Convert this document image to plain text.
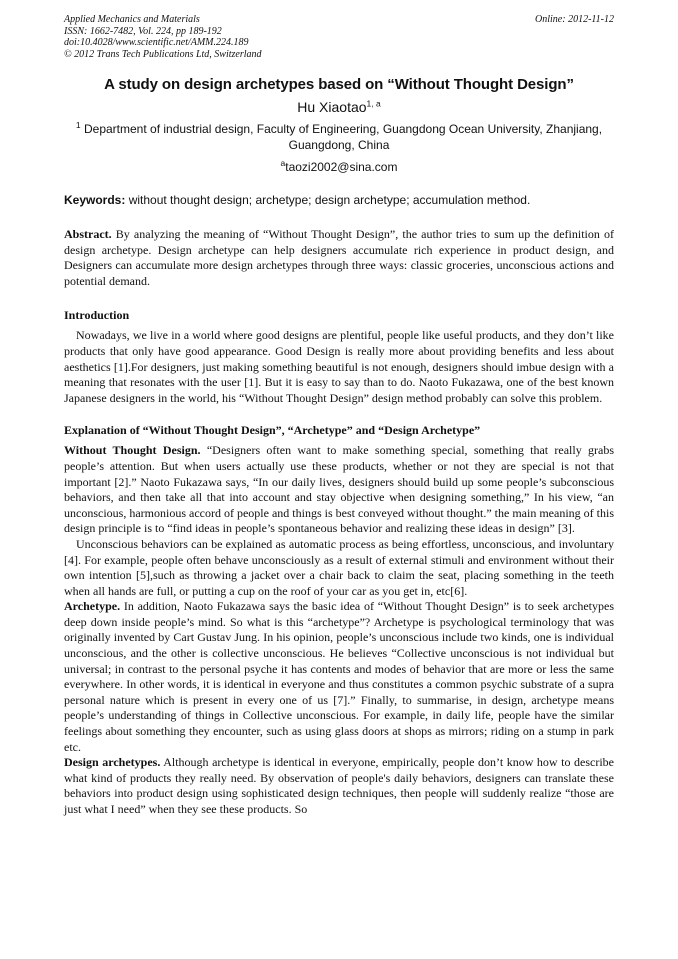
Applied Mechanics and Materials
ISSN: 1662-7482, Vol. 224, pp 189-192
doi:10.4028/www.scientific.net/AMM.224.189
© 2012 Trans Tech Publications Ltd, Switzerland
Online: 2012-11-12
A study on design archetypes based on “Without Thought Design”
Hu Xiaotao$^{1, a}$
$^1$ Department of industrial design, Faculty of Engineering, Guangdong Ocean University, Zhanjiang, Guangdong, China
$^a$taozi2002@sina.com
Keywords: without thought design; archetype; design archetype; accumulation method.

Abstract. By analyzing the meaning of “Without Thought Design”, the author tries to sum up the definition of design archetype. Design archetype can help designers accumulate rich experience in product design, and Designers can accumulate more design archetypes through three ways: classic groceries, unconscious actions and potential demand.

Introduction

Nowadays, we live in a world where good designs are plentiful, people like useful products, and they don’t like products that only have good appearance. Good Design is really more about providing benefits and less about aesthetics [1].For designers, just making something beautiful is not enough, designers should imbue design with a meaning that resonates with the user [1]. But it is easy to say than to do. Naoto Fukazawa, one of the best known Japanese designers in the world, his “Without Thought Design” design method probably can solve this problem.

Explanation of “Without Thought Design”, “Archetype” and “Design Archetype”

Without Thought Design. “Designers often want to make something special, something that really grabs people’s attention. But when users actually use these products, whether or not they are special is not that important [2].” Naoto Fukazawa says, “In our daily lives, designers should build up some people’s subconscious behaviors, and then take all that into account and stay objective when designing something,” In his view, “an unconscious, harmonious accord of people and things is best conveyed without thought.” the main meaning of this design principle is to “find ideas in people’s spontaneous behavior and realizing these ideas in design” [3].

Unconscious behaviors can be explained as automatic process as being effortless, unconscious, and involuntary [4]. For example, people often behave unconsciously as a result of external stimuli and environment without their own intention [5],such as throwing a jacket over a chair back to claim the seat, placing something in the teeth when all hands are full, or putting a cup on the roof of your car as you get in, etc[6].

Archetype. In addition, Naoto Fukazawa says the basic idea of “Without Thought Design” is to seek archetypes deep down inside people’s mind. So what is this “archetype”? Archetype is psychological terminology that was originally invented by Cart Gustav Jung. In his opinion, people’s unconscious include two kinds, one is individual unconscious, and the other is collective unconscious. He believes “Collective unconscious is not individual but universal; in contrast to the personal psyche it has contents and modes of behavior that are more or less the same everywhere. In other words, it is identical in everyone and thus constitutes a common psychic substrate of a supra personal nature which is present in every one of us [7].” Finally, to summarise, in design, archetype means people’s understanding of things in Collective unconscious. For example, in daily life, people have the similar feelings about something they encounter, such as using glass doors at shops as mirrors; riding on a stump in park etc.

Design archetypes. Although archetype is identical in everyone, empirically, people don’t know how to describe what kind of products they really need. By observation of people's daily behaviors, designers can translate these behaviors into product design using sophisticated design techniques, then people will suddenly realize “those are just what I need” when they see these products. So
